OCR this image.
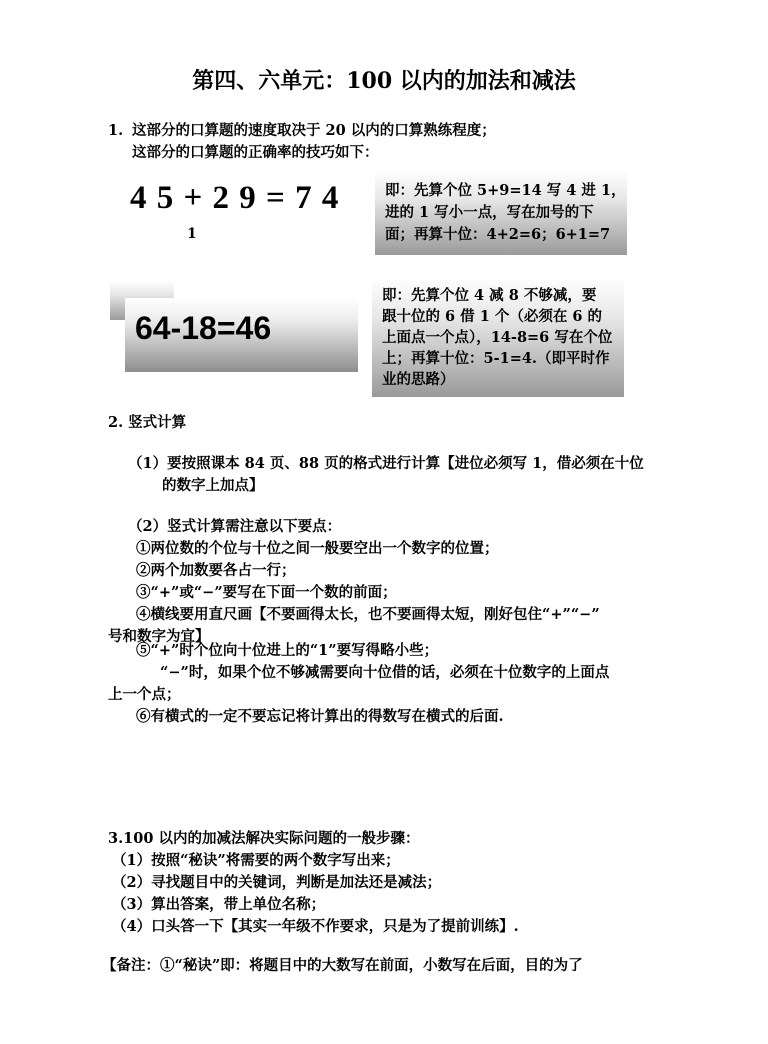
第四、六单元：100 以内的加法和减法
1. 这部分的口算题的速度取决于 20 以内的口算熟练程度；
这部分的口算题的正确率的技巧如下：
4 5 + 2 9 = 7 4
1
即：先算个位 5+9=14 写 4 进 1，
进的 1 写小一点，写在加号的下
面；再算十位：4+2=6；6+1=7
64-18=46
即：先算个位 4 减 8 不够减，要
跟十位的 6 借 1 个（必须在 6 的
上面点一个点），14-8=6 写在个位
上；再算十位：5-1=4.（即平时作
业的思路）
2. 竖式计算
（1）要按照课本 84 页、88 页的格式进行计算【进位必须写 1，借必须在十位
的数字上加点】
（2）竖式计算需注意以下要点：
①两位数的个位与十位之间一般要空出一个数字的位置；
②两个加数要各占一行；
③“+”或“−”要写在下面一个数的前面；
④横线要用直尺画【不要画得太长，也不要画得太短，刚好包住“+”“−”
号和数字为宜】
⑤“+”时个位向十位进上的“1”要写得略小些；
“−”时，如果个位不够减需要向十位借的话，必须在十位数字的上面点
上一个点；
⑥有横式的一定不要忘记将计算出的得数写在横式的后面.
3.100 以内的加减法解决实际问题的一般步骤：
（1）按照“秘诀”将需要的两个数字写出来；
（2）寻找题目中的关键词，判断是加法还是减法；
（3）算出答案，带上单位名称；
（4）口头答一下【其实一年级不作要求，只是为了提前训练】.
【备注：①“秘诀”即：将题目中的大数写在前面，小数写在后面，目的为了
